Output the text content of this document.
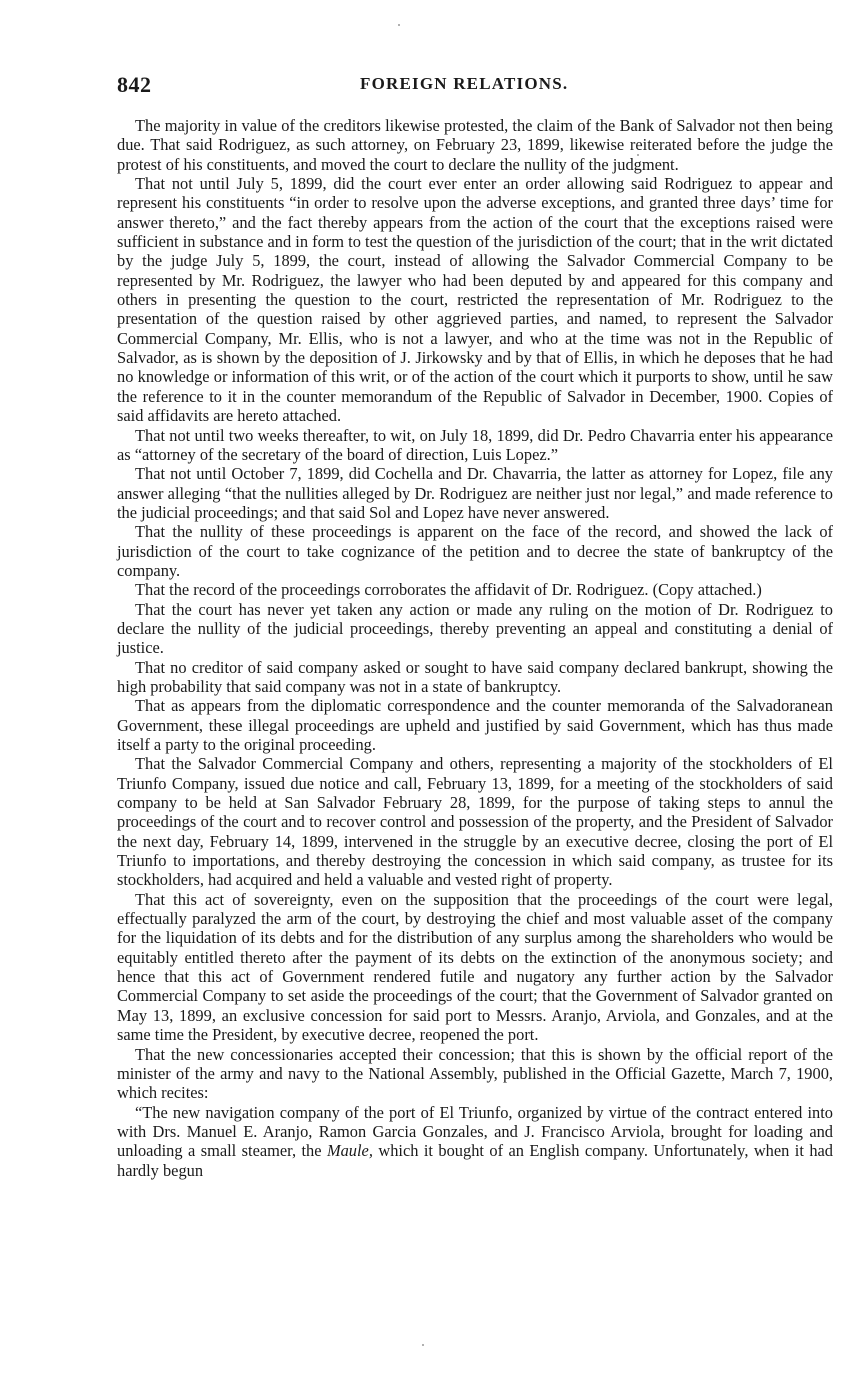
842	FOREIGN RELATIONS.

The majority in value of the creditors likewise protested, the claim of the Bank of Salvador not then being due. That said Rodriguez, as such attorney, on February 23, 1899, likewise reiterated before the judge the protest of his constituents, and moved the court to declare the nullity of the judgment.

That not until July 5, 1899, did the court ever enter an order allowing said Rodriguez to appear and represent his constituents “in order to resolve upon the adverse exceptions, and granted three days’ time for answer thereto,” and the fact thereby appears from the action of the court that the exceptions raised were sufficient in substance and in form to test the question of the jurisdiction of the court; that in the writ dictated by the judge July 5, 1899, the court, instead of allowing the Salvador Commercial Company to be represented by Mr. Rodriguez, the lawyer who had been deputed by and appeared for this company and others in presenting the question to the court, restricted the representation of Mr. Rodriguez to the presentation of the question raised by other aggrieved parties, and named, to represent the Salvador Commercial Company, Mr. Ellis, who is not a lawyer, and who at the time was not in the Republic of Salvador, as is shown by the deposition of J. Jirkowsky and by that of Ellis, in which he deposes that he had no knowledge or information of this writ, or of the action of the court which it purports to show, until he saw the reference to it in the counter memorandum of the Republic of Salvador in December, 1900. Copies of said affidavits are hereto attached.

That not until two weeks thereafter, to wit, on July 18, 1899, did Dr. Pedro Chavarria enter his appearance as “attorney of the secretary of the board of direction, Luis Lopez.”

That not until October 7, 1899, did Cochella and Dr. Chavarria, the latter as attorney for Lopez, file any answer alleging “that the nullities alleged by Dr. Rodriguez are neither just nor legal,” and made reference to the judicial proceedings; and that said Sol and Lopez have never answered.

That the nullity of these proceedings is apparent on the face of the record, and showed the lack of jurisdiction of the court to take cognizance of the petition and to decree the state of bankruptcy of the company.

That the record of the proceedings corroborates the affidavit of Dr. Rodriguez. (Copy attached.)

That the court has never yet taken any action or made any ruling on the motion of Dr. Rodriguez to declare the nullity of the judicial proceedings, thereby preventing an appeal and constituting a denial of justice.

That no creditor of said company asked or sought to have said company declared bankrupt, showing the high probability that said company was not in a state of bankruptcy.

That as appears from the diplomatic correspondence and the counter memoranda of the Salvadoranean Government, these illegal proceedings are upheld and justified by said Government, which has thus made itself a party to the original proceeding.

That the Salvador Commercial Company and others, representing a majority of the stockholders of El Triunfo Company, issued due notice and call, February 13, 1899, for a meeting of the stockholders of said company to be held at San Salvador February 28, 1899, for the purpose of taking steps to annul the proceedings of the court and to recover control and possession of the property, and the President of Salvador the next day, February 14, 1899, intervened in the struggle by an executive decree, closing the port of El Triunfo to importations, and thereby destroying the concession in which said company, as trustee for its stockholders, had acquired and held a valuable and vested right of property.

That this act of sovereignty, even on the supposition that the proceedings of the court were legal, effectually paralyzed the arm of the court, by destroying the chief and most valuable asset of the company for the liquidation of its debts and for the distribution of any surplus among the shareholders who would be equitably entitled thereto after the payment of its debts on the extinction of the anonymous society; and hence that this act of Government rendered futile and nugatory any further action by the Salvador Commercial Company to set aside the proceedings of the court; that the Government of Salvador granted on May 13, 1899, an exclusive concession for said port to Messrs. Aranjo, Arviola, and Gonzales, and at the same time the President, by executive decree, reopened the port.

That the new concessionaries accepted their concession; that this is shown by the official report of the minister of the army and navy to the National Assembly, published in the Official Gazette, March 7, 1900, which recites:

“The new navigation company of the port of El Triunfo, organized by virtue of the contract entered into with Drs. Manuel E. Aranjo, Ramon Garcia Gonzales, and J. Francisco Arviola, brought for loading and unloading a small steamer, the Maule, which it bought of an English company. Unfortunately, when it had hardly begun
